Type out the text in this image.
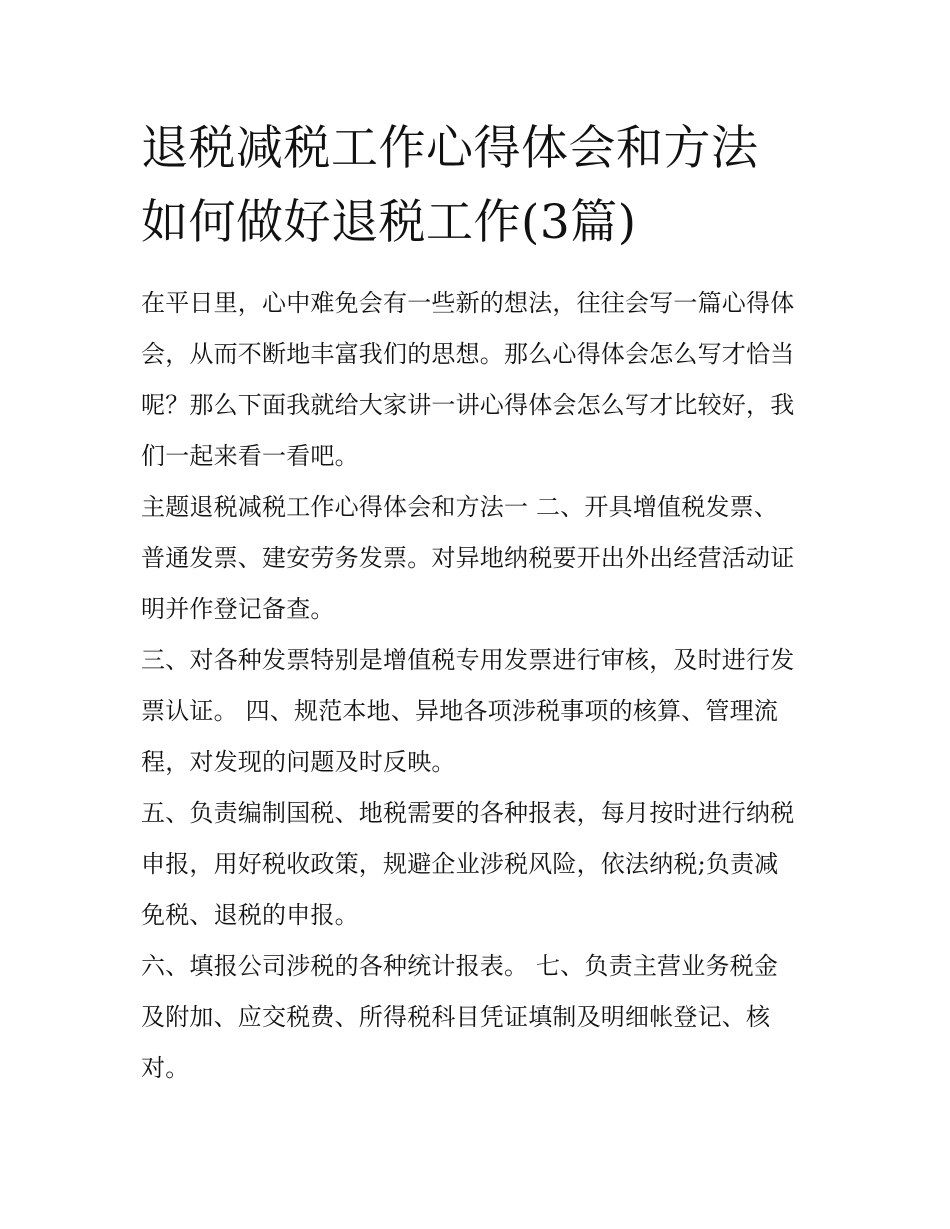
退税减税工作心得体会和方法
如何做好退税工作(3篇)

在平日里，心中难免会有一些新的想法，往往会写一篇心得体
会，从而不断地丰富我们的思想。那么心得体会怎么写才恰当
呢？那么下面我就给大家讲一讲心得体会怎么写才比较好，我
们一起来看一看吧。

主题退税减税工作心得体会和方法一 二、开具增值税发票、
普通发票、建安劳务发票。对异地纳税要开出外出经营活动证
明并作登记备查。

三、对各种发票特别是增值税专用发票进行审核，及时进行发
票认证。 四、规范本地、异地各项涉税事项的核算、管理流
程，对发现的问题及时反映。

五、负责编制国税、地税需要的各种报表，每月按时进行纳税
申报，用好税收政策，规避企业涉税风险，依法纳税;负责减
免税、退税的申报。

六、填报公司涉税的各种统计报表。 七、负责主营业务税金
及附加、应交税费、所得税科目凭证填制及明细帐登记、核
对。
